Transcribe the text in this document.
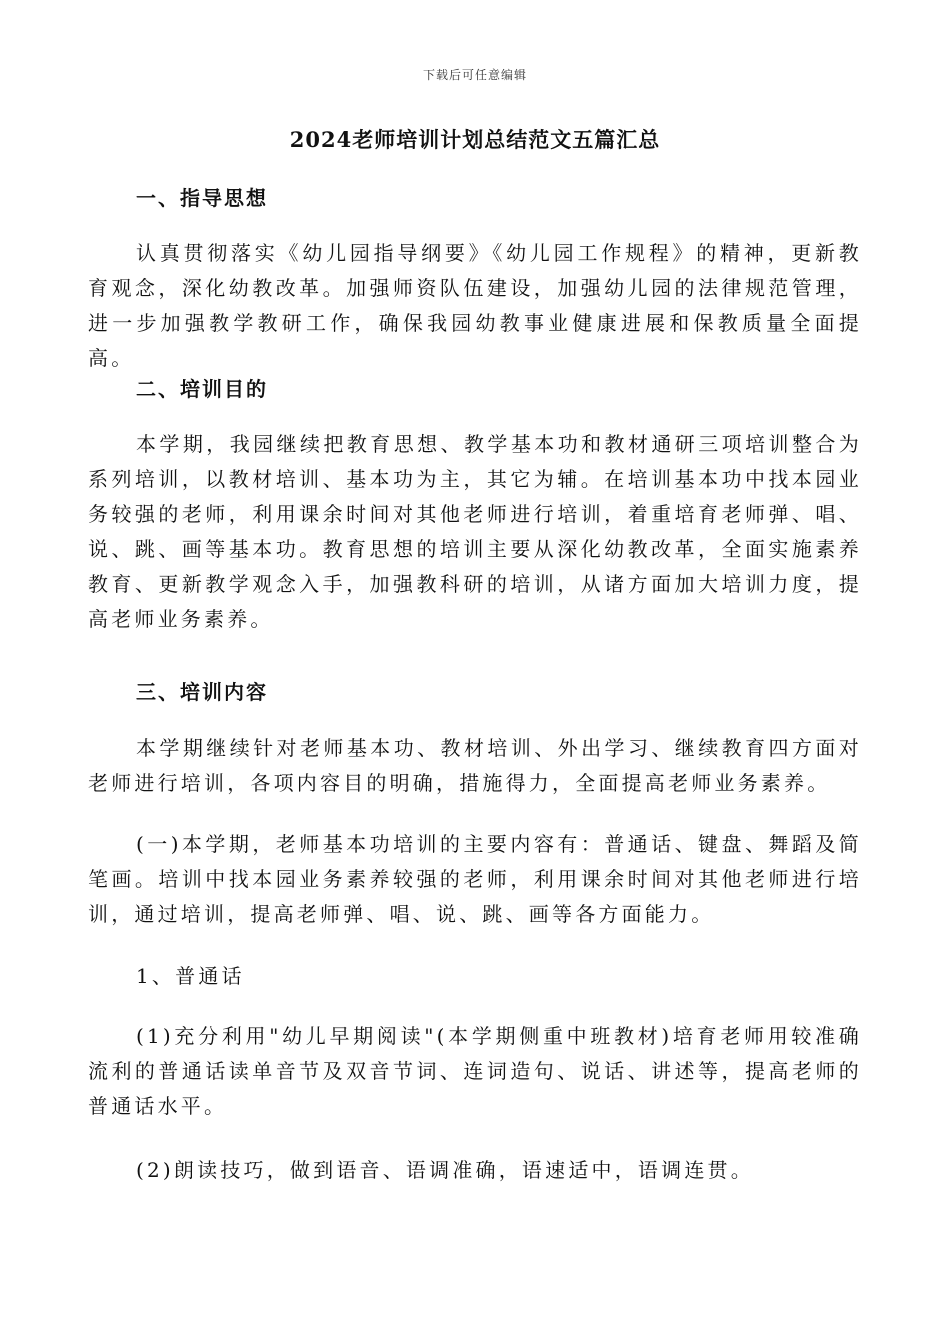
下载后可任意编辑
2024老师培训计划总结范文五篇汇总
一、指导思想
认真贯彻落实《幼儿园指导纲要》《幼儿园工作规程》的精神，更新教育观念，深化幼教改革。加强师资队伍建设，加强幼儿园的法律规范管理，进一步加强教学教研工作，确保我园幼教事业健康进展和保教质量全面提高。
二、培训目的
本学期，我园继续把教育思想、教学基本功和教材通研三项培训整合为系列培训，以教材培训、基本功为主，其它为辅。在培训基本功中找本园业务较强的老师，利用课余时间对其他老师进行培训，着重培育老师弹、唱、说、跳、画等基本功。教育思想的培训主要从深化幼教改革，全面实施素养教育、更新教学观念入手，加强教科研的培训，从诸方面加大培训力度，提高老师业务素养。
三、培训内容
本学期继续针对老师基本功、教材培训、外出学习、继续教育四方面对老师进行培训，各项内容目的明确，措施得力，全面提高老师业务素养。
(一)本学期，老师基本功培训的主要内容有：普通话、键盘、舞蹈及简笔画。培训中找本园业务素养较强的老师，利用课余时间对其他老师进行培训，通过培训，提高老师弹、唱、说、跳、画等各方面能力。
1、普通话
(1)充分利用"幼儿早期阅读"(本学期侧重中班教材)培育老师用较准确流利的普通话读单音节及双音节词、连词造句、说话、讲述等，提高老师的普通话水平。
(2)朗读技巧，做到语音、语调准确，语速适中，语调连贯。
